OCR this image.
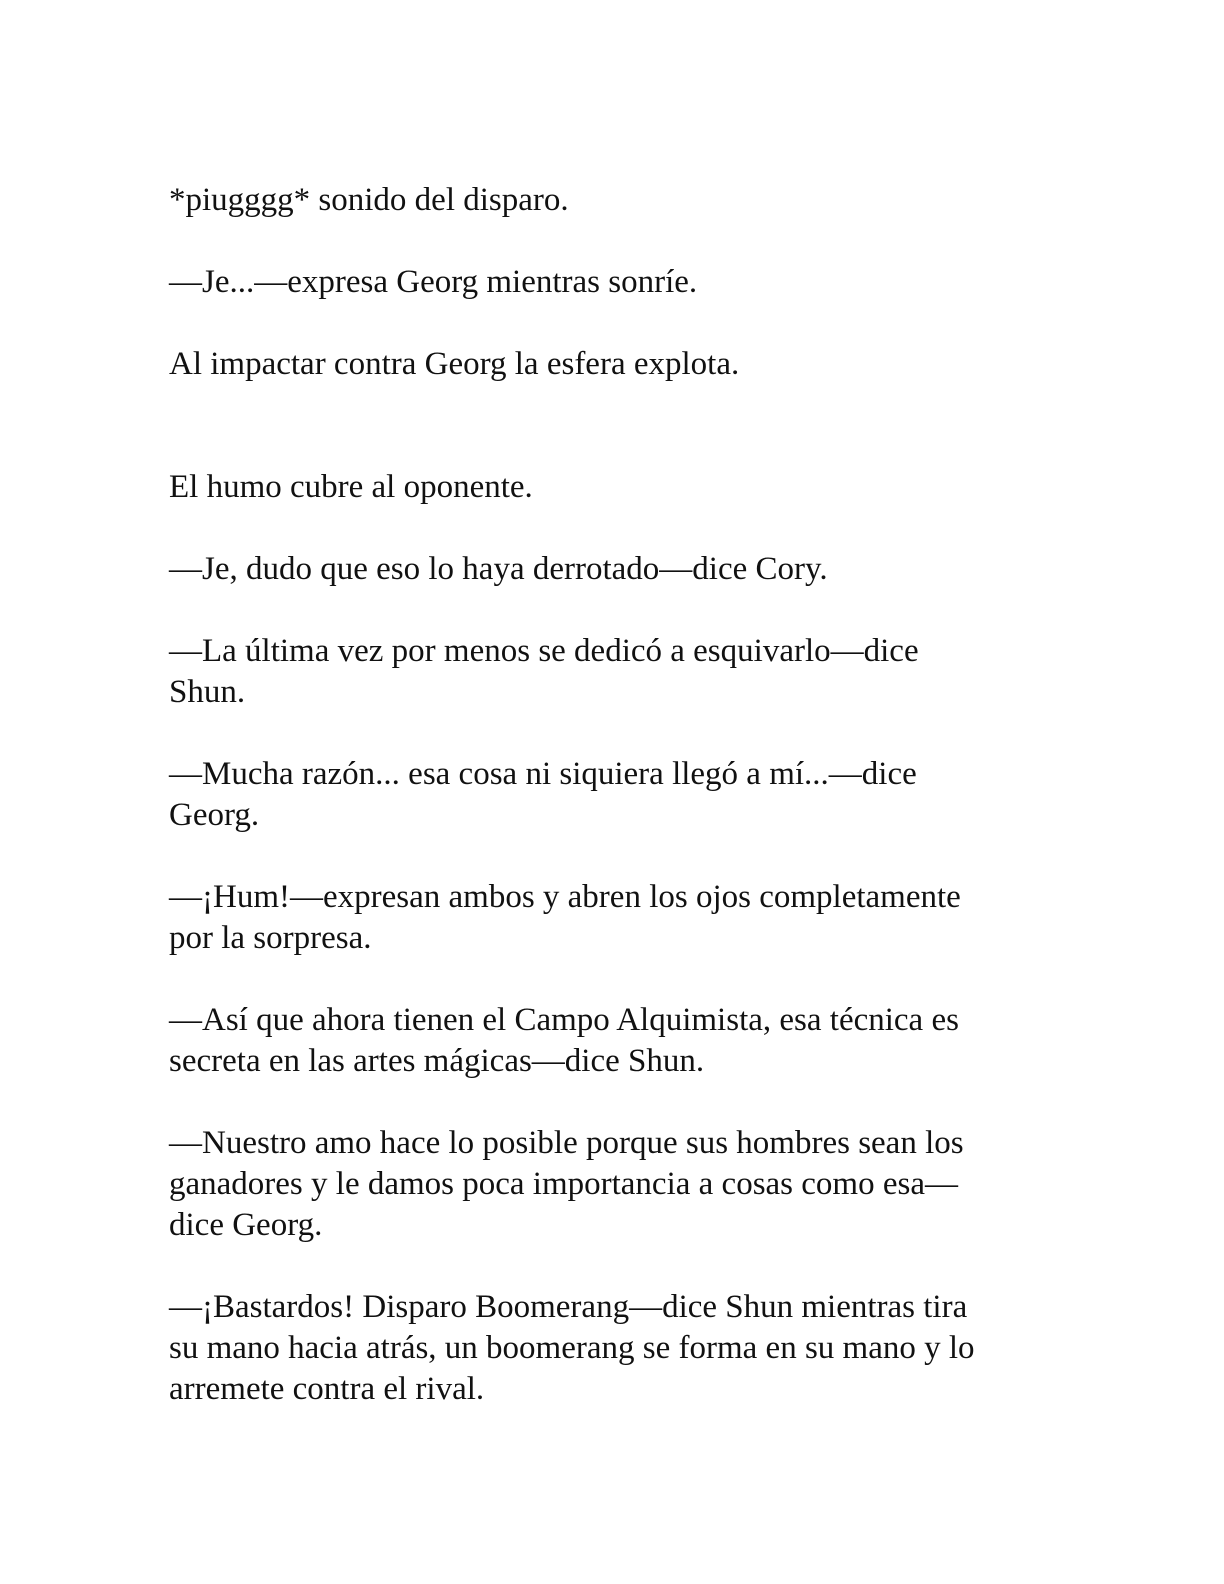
*piugggg* sonido del disparo.

—Je...—expresa Georg mientras sonríe.

Al impactar contra Georg la esfera explota.

El humo cubre al oponente.

—Je, dudo que eso lo haya derrotado—dice Cory.

—La última vez por menos se dedicó a esquivarlo—dice
Shun.

—Mucha razón... esa cosa ni siquiera llegó a mí...—dice
Georg.

—¡Hum!—expresan ambos y abren los ojos completamente
por la sorpresa.

—Así que ahora tienen el Campo Alquimista, esa técnica es
secreta en las artes mágicas—dice Shun.

—Nuestro amo hace lo posible porque sus hombres sean los
ganadores y le damos poca importancia a cosas como esa—
dice Georg.

—¡Bastardos! Disparo Boomerang—dice Shun mientras tira
su mano hacia atrás, un boomerang se forma en su mano y lo
arremete contra el rival.
